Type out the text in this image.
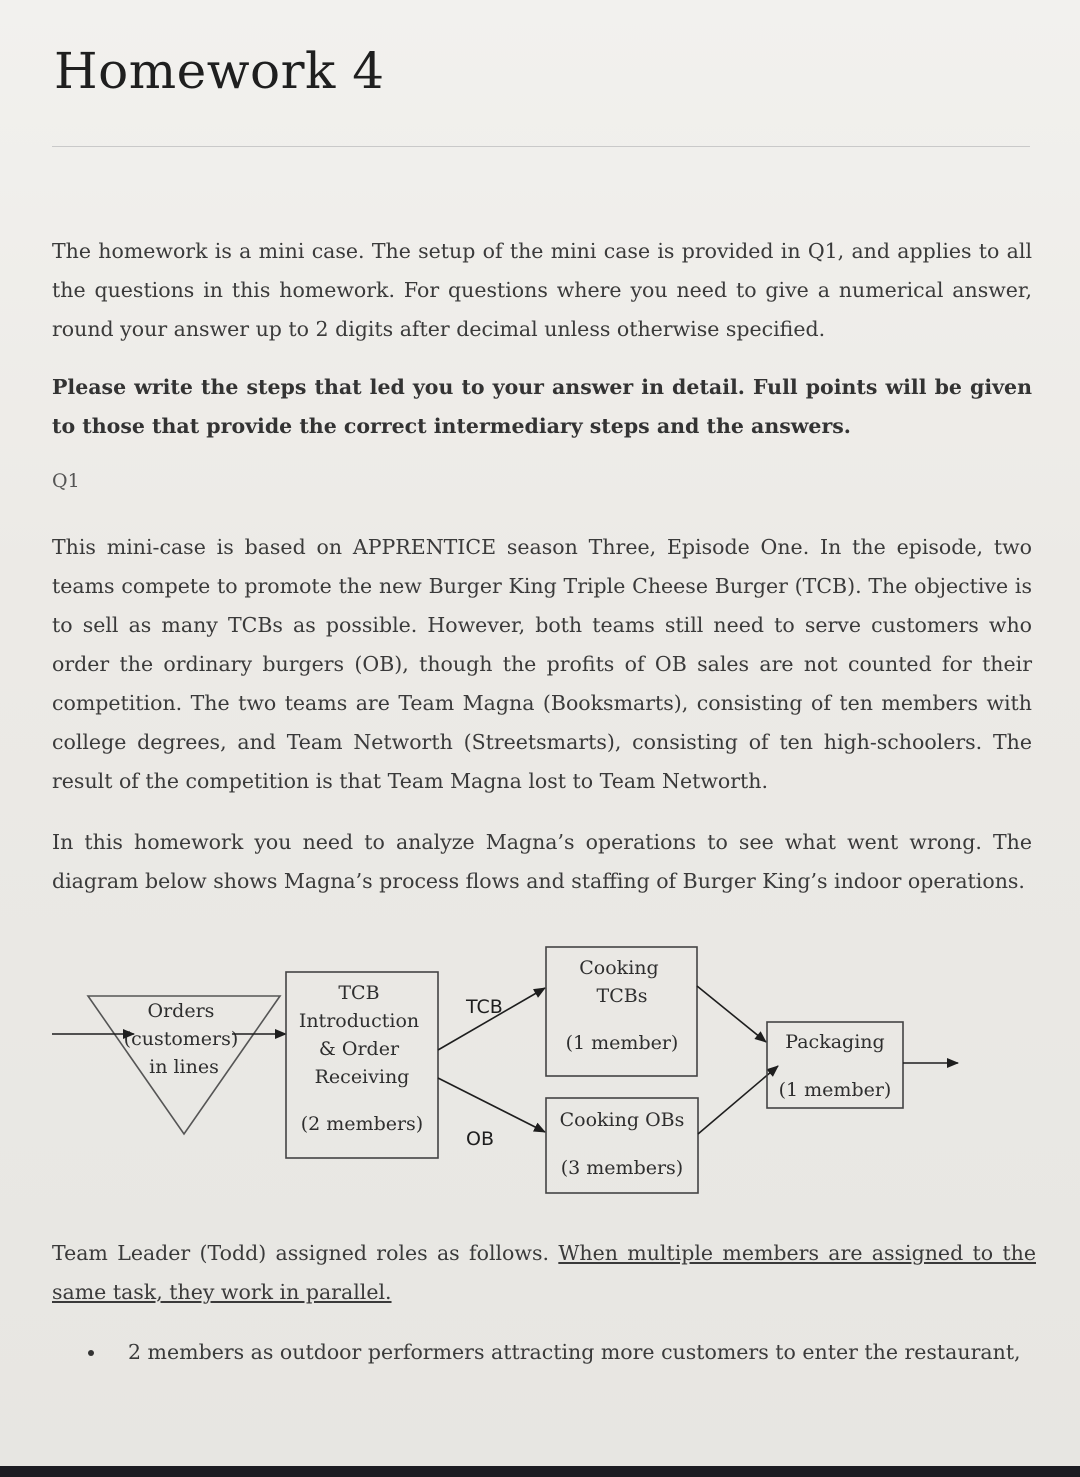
Homework 4

The homework is a mini case. The setup of the mini case is provided in Q1, and applies to all the questions in this homework. For questions where you need to give a numerical answer, round your answer up to 2 digits after decimal unless otherwise specified.

Please write the steps that led you to your answer in detail. Full points will be given to those that provide the correct intermediary steps and the answers.

Q1

This mini-case is based on APPRENTICE season Three, Episode One. In the episode, two teams compete to promote the new Burger King Triple Cheese Burger (TCB). The objective is to sell as many TCBs as possible. However, both teams still need to serve customers who order the ordinary burgers (OB), though the profits of OB sales are not counted for their competition. The two teams are Team Magna (Booksmarts), consisting of ten members with college degrees, and Team Networth (Streetsmarts), consisting of ten high-schoolers. The result of the competition is that Team Magna lost to Team Networth.

In this homework you need to analyze Magna’s operations to see what went wrong. The diagram below shows Magna’s process flows and staffing of Burger King’s indoor operations.

Orders (customers) in lines
TCB Introduction & Order Receiving
(2 members)
TCB
OB
Cooking TCBs
(1 member)
Cooking OBs
(3 members)
Packaging
(1 member)

Team Leader (Todd) assigned roles as follows. When multiple members are assigned to the same task, they work in parallel.

2 members as outdoor performers attracting more customers to enter the restaurant,
